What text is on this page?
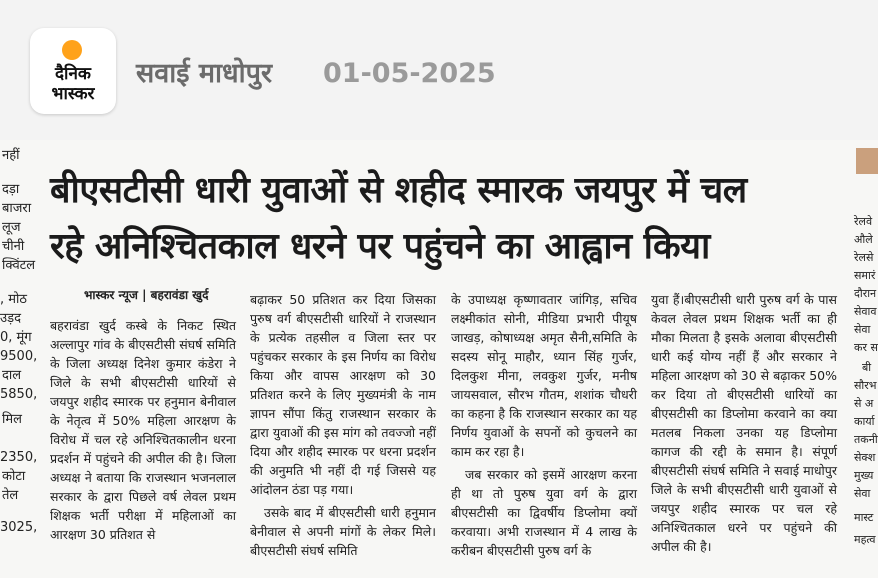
दैनिक
भास्कर
सवाई माधोपुर 01-05-2025
नहीं
दड़ा
बाजरा
लूज
चीनी
क्विंटल
, मोठ
उड़द
0, मूंग
9500,
दाल
5850,
मिल
2350,
कोटा
तेल
3025,
रेलवे
औले
रेलसे
समारं
दौरान
सेवाव
सेवा
कर स
बी
सौरभ
से अ
कार्या
तकनी
सेक्श
मुख्य
सेवा
मास्ट
महत्व
बीएसटीसी धारी युवाओं से शहीद स्मारक जयपुर में चल
रहे अनिश्चितकाल धरने पर पहुंचने का आह्वान किया
भास्कर न्यूज | बहरावंडा खुर्द

बहरावंडा खुर्द कस्बे के निकट स्थित अल्लापुर गांव के बीएसटीसी संघर्ष समिति के जिला अध्यक्ष दिनेश कुमार कंडेरा ने जिले के सभी बीएसटीसी धारियों से जयपुर शहीद स्मारक पर हनुमान बेनीवाल के नेतृत्व में 50% महिला आरक्षण के विरोध में चल रहे अनिश्चितकालीन धरना प्रदर्शन में पहुंचने की अपील की है। जिला अध्यक्ष ने बताया कि राजस्थान भजनलाल सरकार के द्वारा पिछले वर्ष लेवल प्रथम शिक्षक भर्ती परीक्षा में महिलाओं का आरक्षण 30 प्रतिशत से

बढ़ाकर 50 प्रतिशत कर दिया जिसका पुरुष वर्ग बीएसटीसी धारियों ने राजस्थान के प्रत्येक तहसील व जिला स्तर पर पहुंचकर सरकार के इस निर्णय का विरोध किया और वापस आरक्षण को 30 प्रतिशत करने के लिए मुख्यमंत्री के नाम ज्ञापन सौंपा किंतु राजस्थान सरकार के द्वारा युवाओं की इस मांग को तवज्जो नहीं दिया और शहीद स्मारक पर धरना प्रदर्शन की अनुमति भी नहीं दी गई जिससे यह आंदोलन ठंडा पड़ गया।

उसके बाद में बीएसटीसी धारी हनुमान बेनीवाल से अपनी मांगों के लेकर मिले।बीएसटीसी संघर्ष समिति

के उपाध्यक्ष कृष्णावतार जांगिड़, सचिव लक्ष्मीकांत सोनी, मीडिया प्रभारी पीयूष जाखड़, कोषाध्यक्ष अमृत सैनी,समिति के सदस्य सोनू माहौर, ध्यान सिंह गुर्जर, दिलकुश मीना, लवकुश गुर्जर, मनीष जायसवाल, सौरभ गौतम, शशांक चौधरी का कहना है कि राजस्थान सरकार का यह निर्णय युवाओं के सपनों को कुचलने का काम कर रहा है।

जब सरकार को इसमें आरक्षण करना ही था तो पुरुष युवा वर्ग के द्वारा बीएसटीसी का द्विवर्षीय डिप्लोमा क्यों करवाया। अभी राजस्थान में 4 लाख के करीबन बीएसटीसी पुरुष वर्ग के

युवा हैं।बीएसटीसी धारी पुरुष वर्ग के पास केवल लेवल प्रथम शिक्षक भर्ती का ही मौका मिलता है इसके अलावा बीएसटीसी धारी कई योग्य नहीं हैं और सरकार ने महिला आरक्षण को 30 से बढ़ाकर 50% कर दिया तो बीएसटीसी धारियों का बीएसटीसी का डिप्लोमा करवाने का क्या मतलब निकला उनका यह डिप्लोमा कागज की रद्दी के समान है। संपूर्ण बीएसटीसी संघर्ष समिति ने सवाई माधोपुर जिले के सभी बीएसटीसी धारी युवाओं से जयपुर शहीद स्मारक पर चल रहे अनिश्चितकाल धरने पर पहुंचने की अपील की है।
